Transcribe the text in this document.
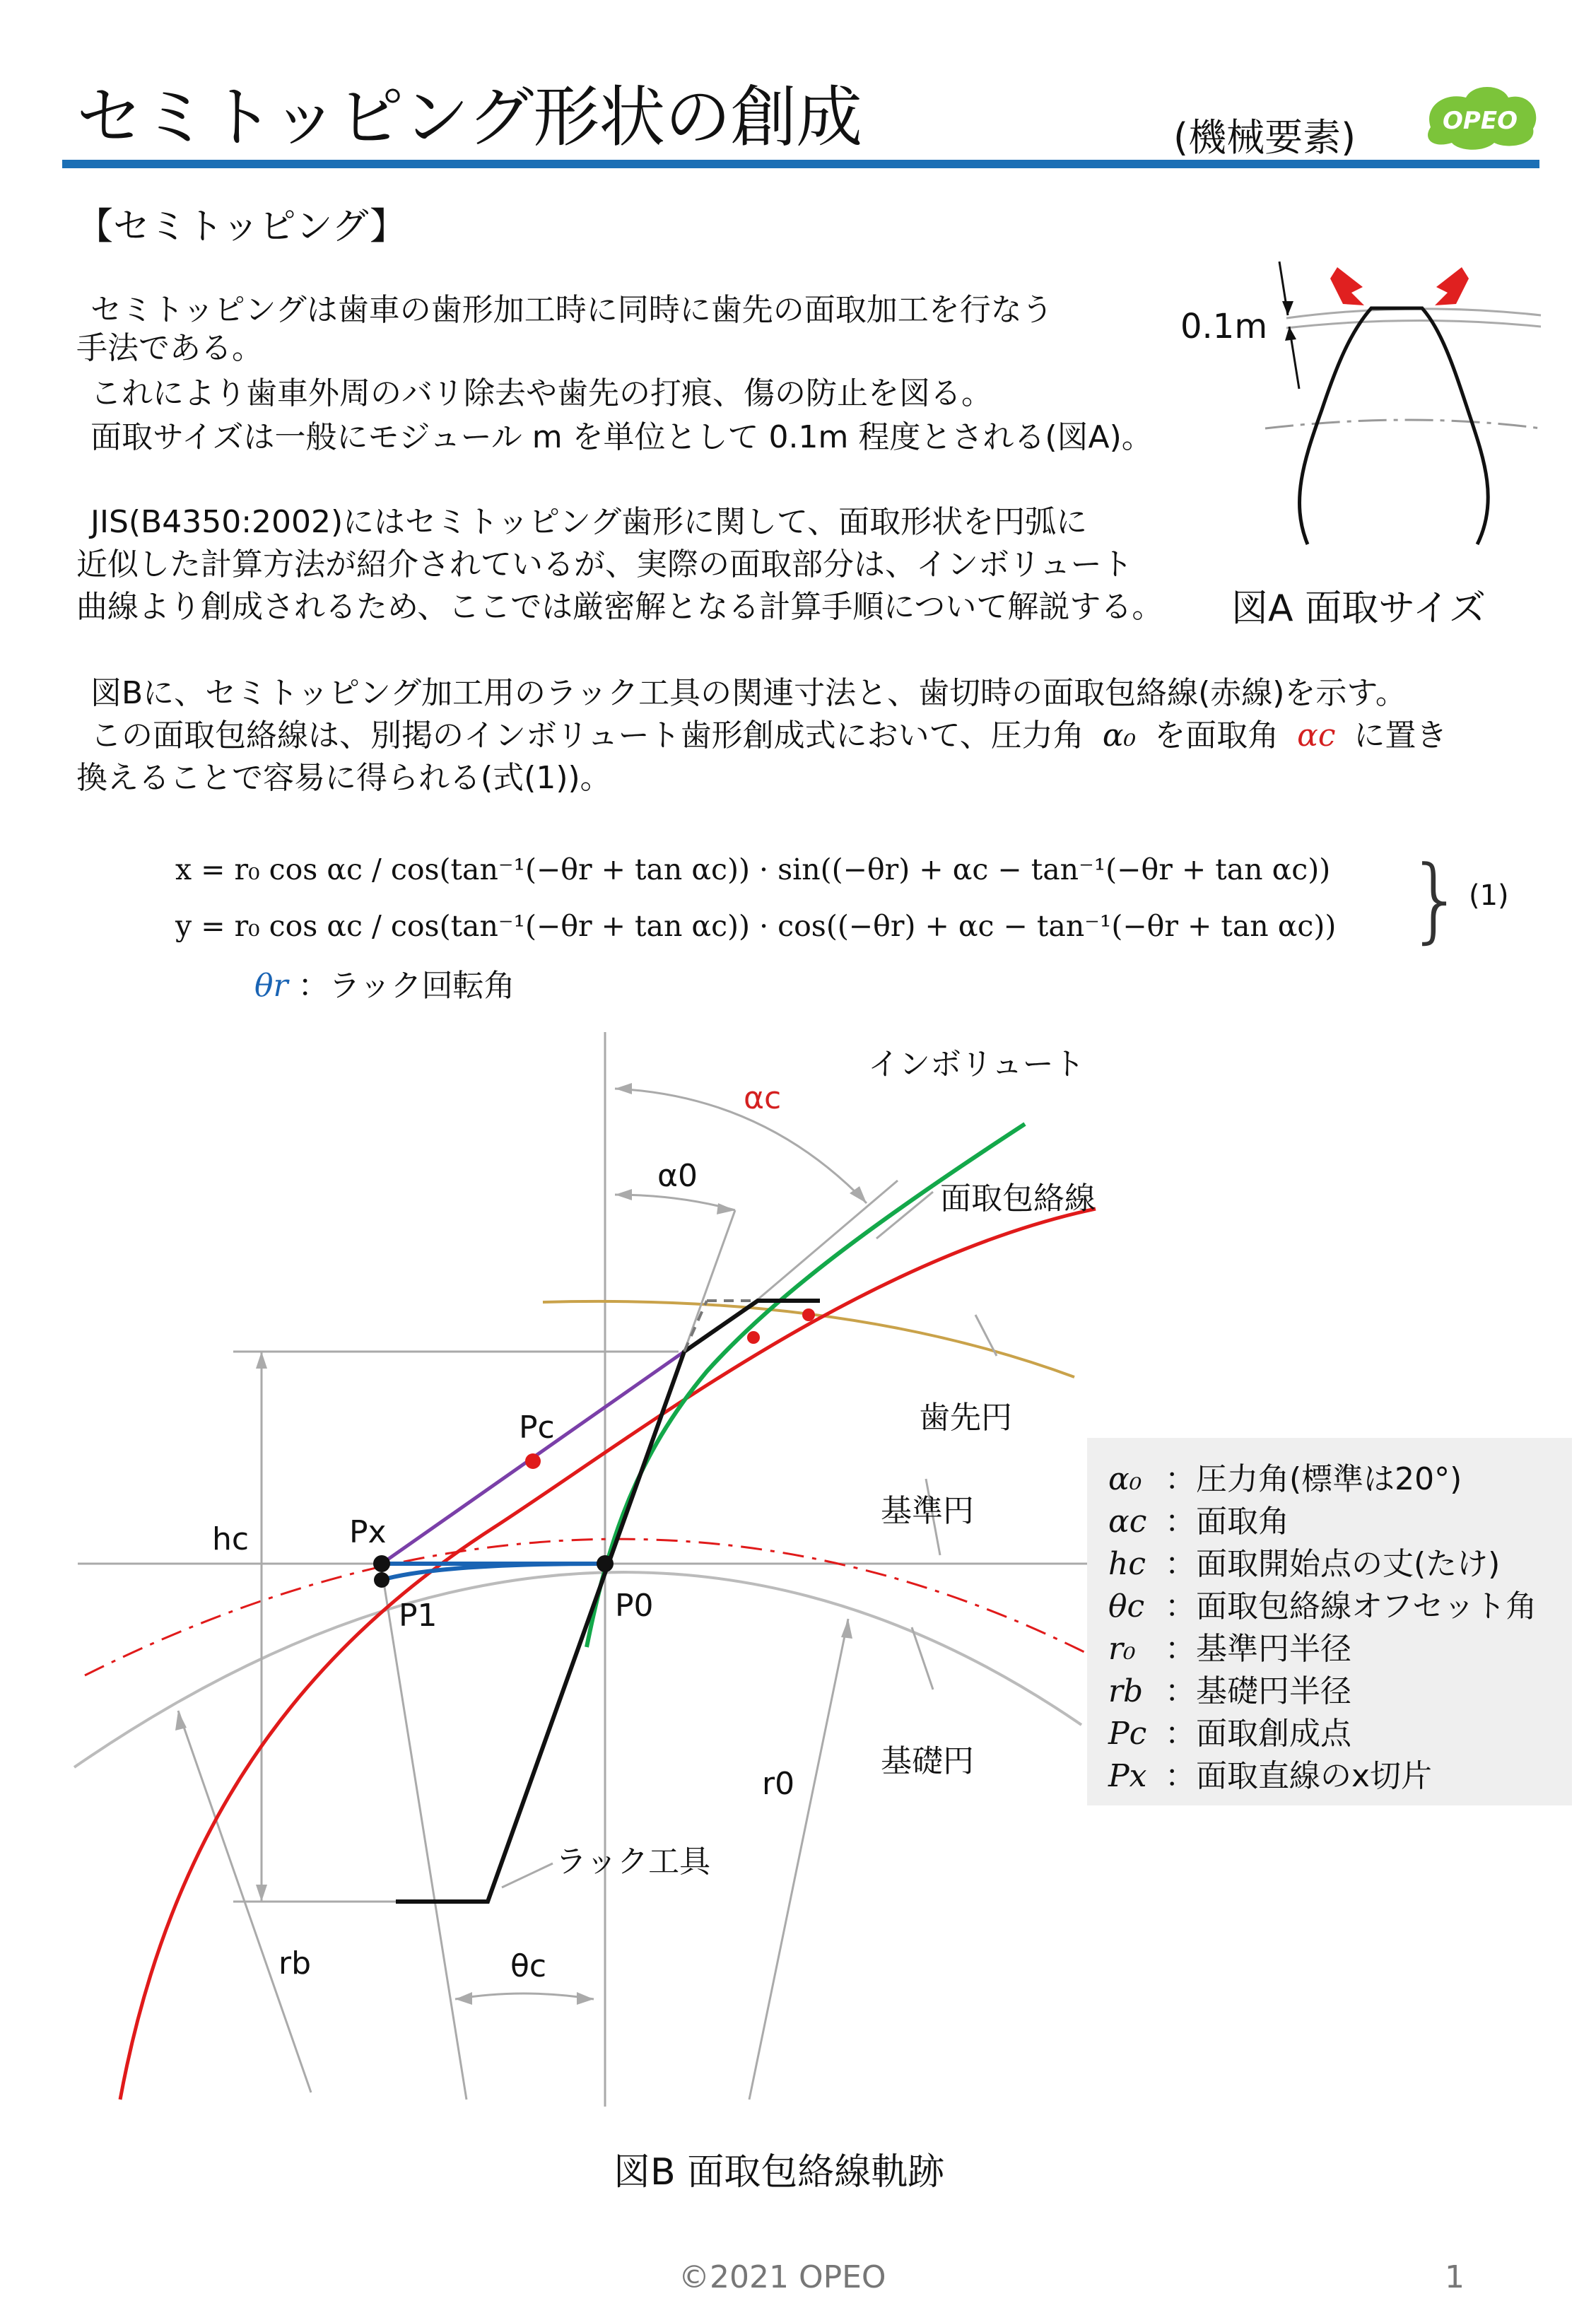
セミトッピング形状の創成	(機械要素)	OPEO
【セミトッピング】
セミトッピングは歯車の歯形加工時に同時に歯先の面取加工を行なう
手法である。
これにより歯車外周のバリ除去や歯先の打痕、傷の防止を図る。
面取サイズは一般にモジュール m を単位として 0.1m 程度とされる(図A)。
JIS(B4350:2002)にはセミトッピング歯形に関して、面取形状を円弧に
近似した計算方法が紹介されているが、実際の面取部分は、インボリュート
曲線より創成されるため、ここでは厳密解となる計算手順について解説する。
図Bに、セミトッピング加工用のラック工具の関連寸法と、歯切時の面取包絡線(赤線)を示す。
この面取包絡線は、別掲のインボリュート歯形創成式において、圧力角 α₀ を面取角 αc に置き
換えることで容易に得られる(式(1))。
x = r₀ cos αc / cos(tan⁻¹(−θr + tan αc)) · sin((−θr) + αc − tan⁻¹(−θr + tan αc))
y = r₀ cos αc / cos(tan⁻¹(−θr + tan αc)) · cos((−θr) + αc − tan⁻¹(−θr + tan αc)) } (1)
θr ：ラック回転角
0.1m
図A 面取サイズ
インボリュート
αc
α0
面取包絡線
歯先円
基準円
基礎円
ラック工具
Pc
Px
P0
P1
hc
r0
rb	θc
α₀ ：圧力角(標準は20°)
αc ：面取角
hc ：面取開始点の丈(たけ)
θc ：面取包絡線オフセット角
r₀ ：基準円半径
rb ：基礎円半径
Pc ：面取創成点
Px ：面取直線のx切片
図B 面取包絡線軌跡
©2021 OPEO	1
